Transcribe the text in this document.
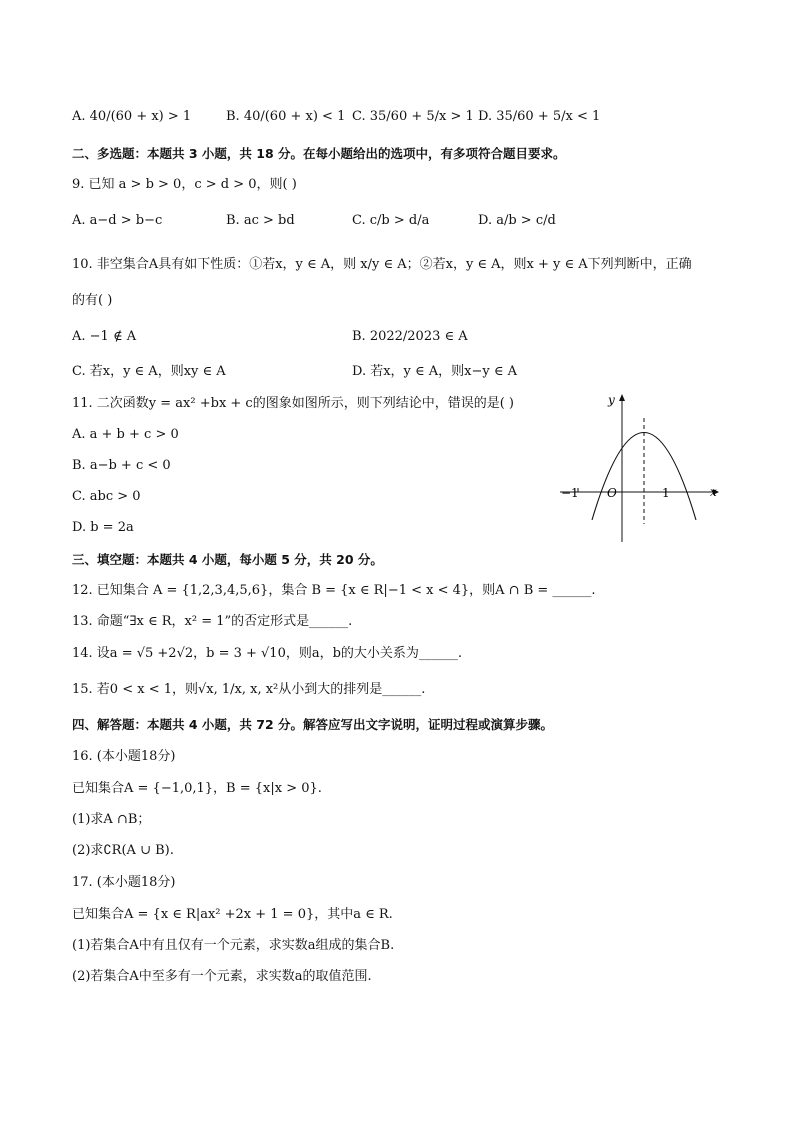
A. 40/(60 + x) > 1	B. 40/(60 + x) < 1 C. 35/60 + 5/x > 1 D. 35/60 + 5/x < 1
二、多选题：本题共 3 小题，共 18 分。在每小题给出的选项中，有多项符合题目要求。
9. 已知 a > b > 0，c > d > 0，则( )
A. a−d > b−c	B. ac > bd	C. c/b > d/a	D. a/b > c/d
10. 非空集合A具有如下性质：①若x，y ∈ A，则 x/y ∈ A；②若x，y ∈ A，则x + y ∈ A下列判断中，正确
的有( )
A. −1 ∉ A	B. 2022/2023 ∈ A
C. 若x，y ∈ A，则xy ∈ A	D. 若x，y ∈ A，则x−y ∈ A
11. 二次函数y = ax² +bx + c的图象如图所示，则下列结论中，错误的是( )
A. a + b + c > 0
B. a−b + c < 0
C. abc > 0
D. b = 2a
y
x
O
−1	1
三、填空题：本题共 4 小题，每小题 5 分，共 20 分。
12. 已知集合 A = {1,2,3,4,5,6}，集合 B = {x ∈ R|−1 < x < 4}，则A ∩ B = ______.
13. 命题“∃x ∈ R，x² = 1”的否定形式是______.
14. 设a = √5 +2√2，b = 3 + √10，则a，b的大小关系为______.
15. 若0 < x < 1，则√x, 1/x, x, x²从小到大的排列是______.
四、解答题：本题共 4 小题，共 72 分。解答应写出文字说明，证明过程或演算步骤。
16. (本小题18分)
已知集合A = {−1,0,1}，B = {x|x > 0}.
(1)求A ∩B；
(2)求∁R(A ∪ B).
17. (本小题18分)
已知集合A = {x ∈ R|ax² +2x + 1 = 0}，其中a ∈ R.
(1)若集合A中有且仅有一个元素，求实数a组成的集合B.
(2)若集合A中至多有一个元素，求实数a的取值范围.
